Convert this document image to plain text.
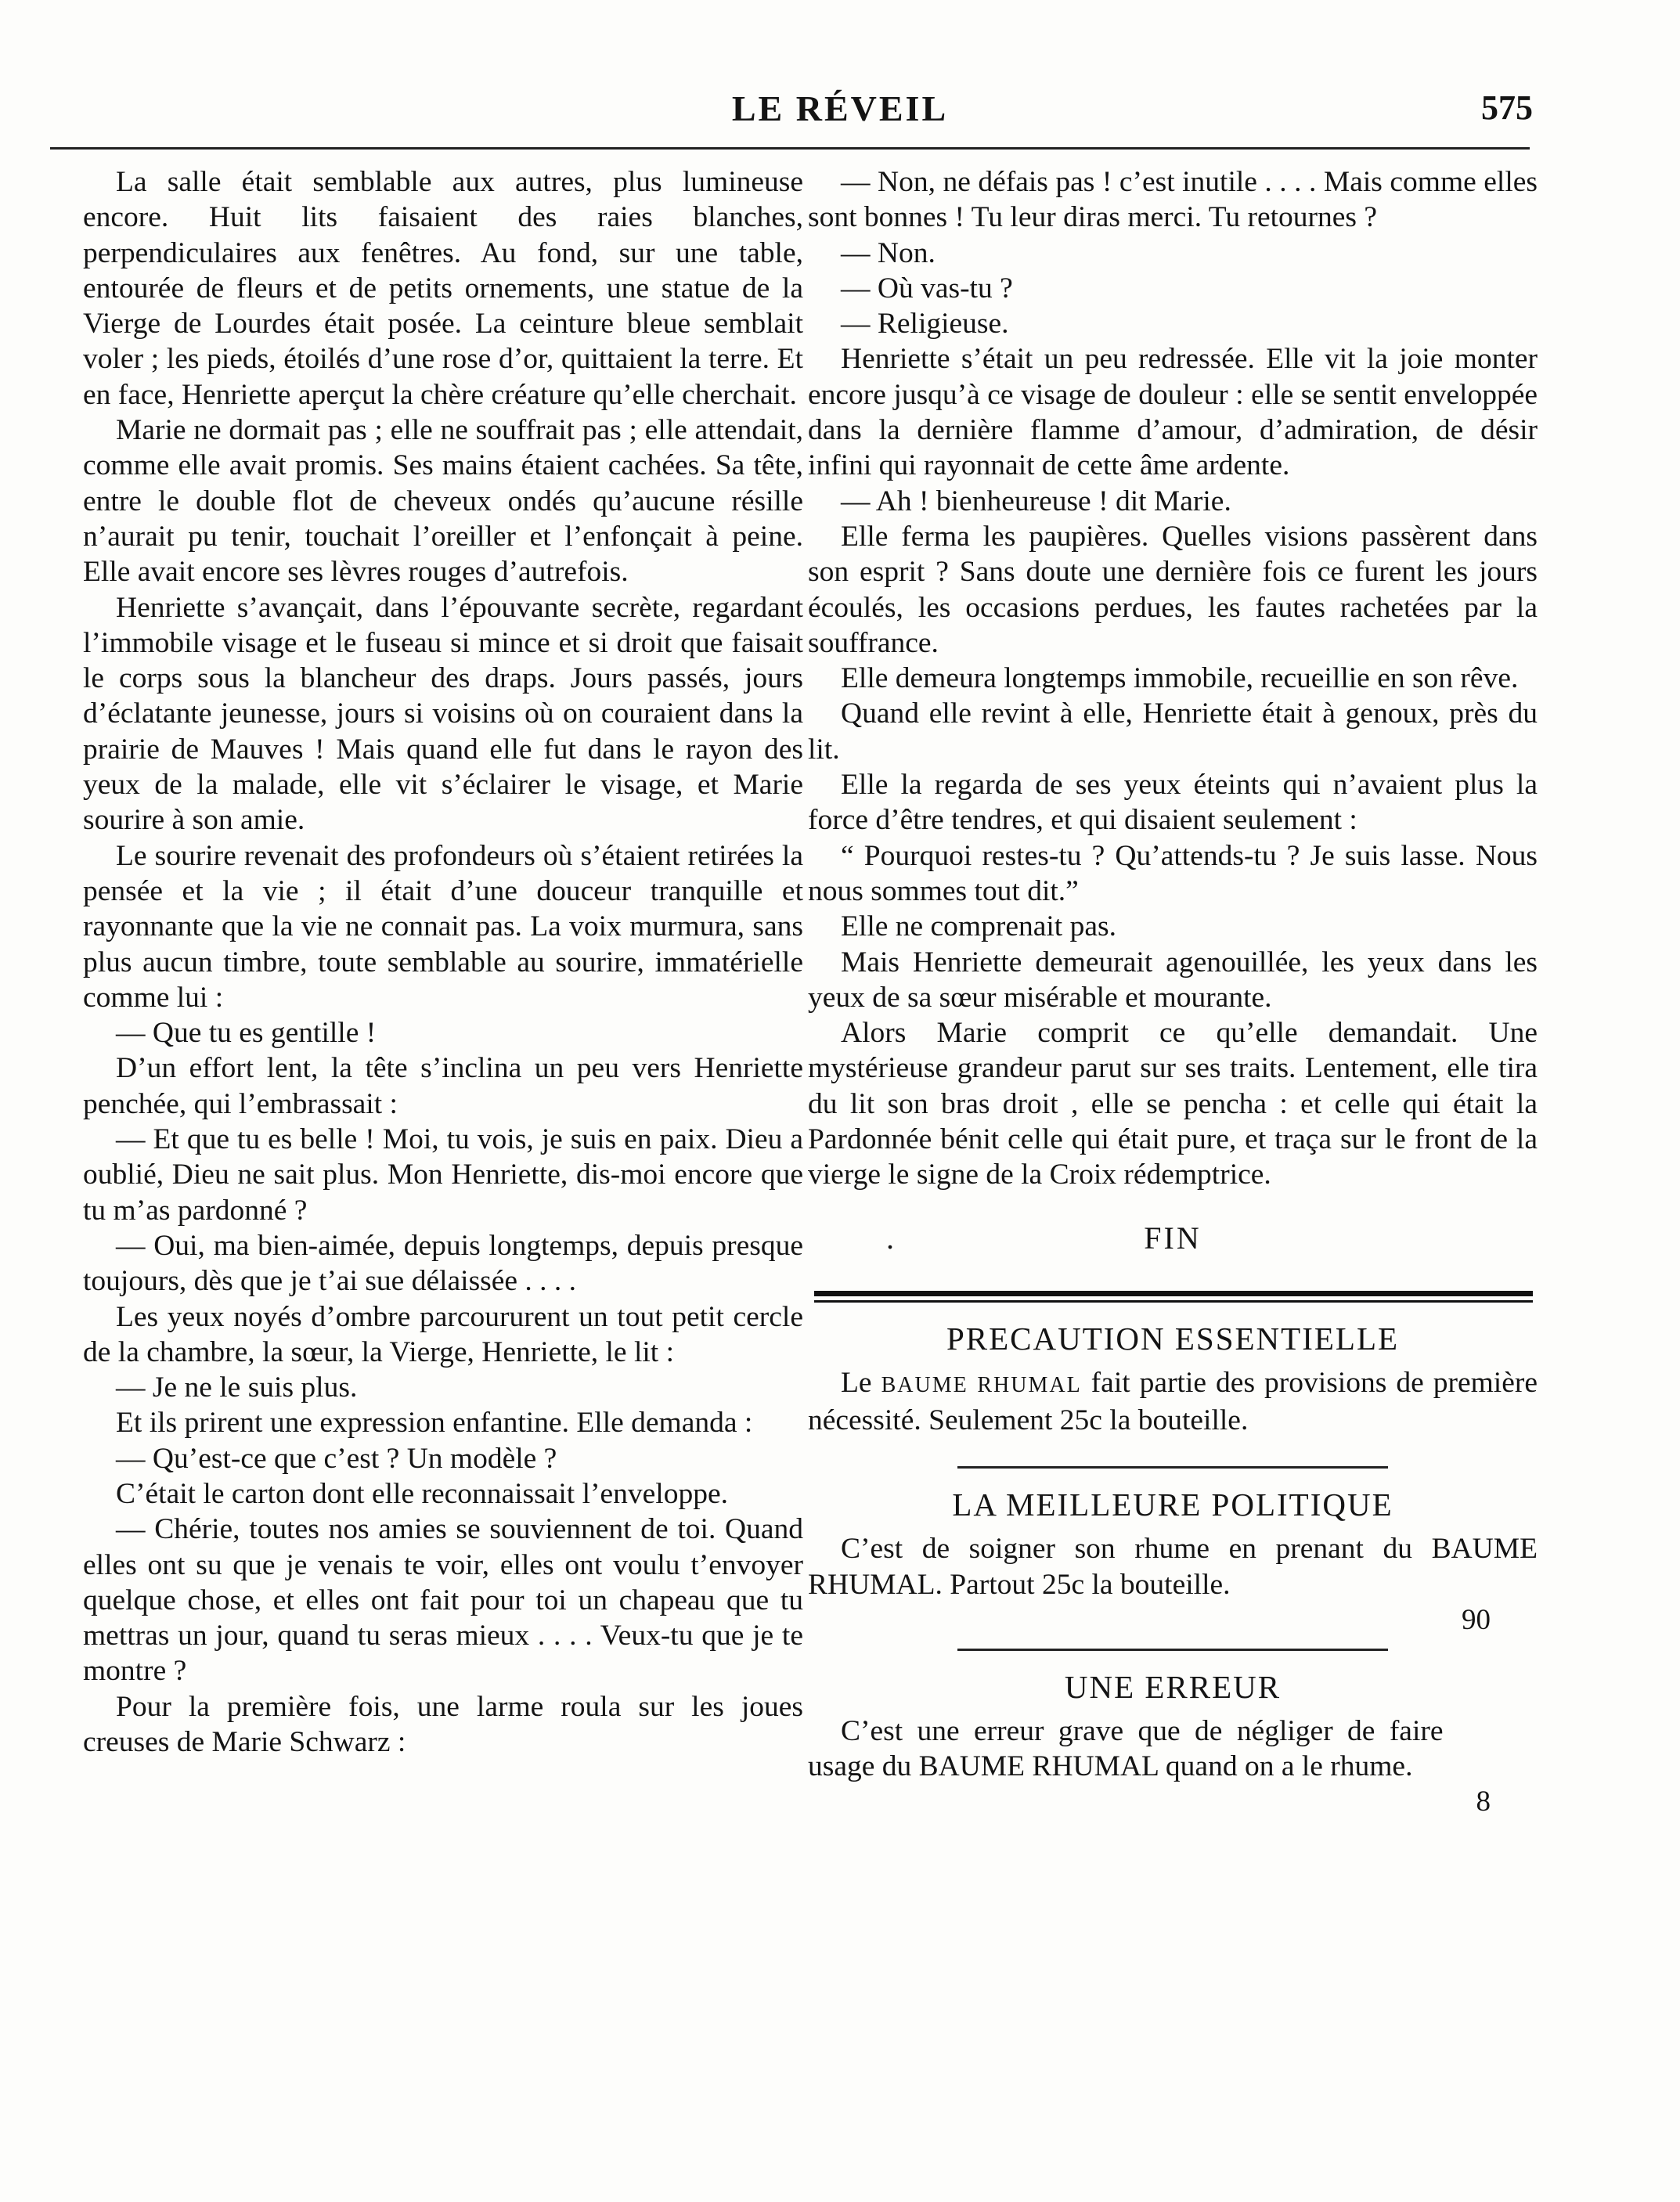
LE RÉVEIL	575

La salle était semblable aux autres, plus lumineuse encore. Huit lits faisaient des raies blanches, perpendiculaires aux fenêtres. Au fond, sur une table, entourée de fleurs et de petits ornements, une statue de la Vierge de Lourdes était posée. La ceinture bleue semblait voler ; les pieds, étoilés d’une rose d’or, quittaient la terre. Et en face, Henriette aperçut la chère créature qu’elle cherchait.

Marie ne dormait pas ; elle ne souffrait pas ; elle attendait, comme elle avait promis. Ses mains étaient cachées. Sa tête, entre le double flot de cheveux ondés qu’aucune résille n’aurait pu tenir, touchait l’oreiller et l’enfonçait à peine. Elle avait encore ses lèvres rouges d’autrefois.

Henriette s’avançait, dans l’épouvante secrète, regardant l’immobile visage et le fuseau si mince et si droit que faisait le corps sous la blancheur des draps. Jours passés, jours d’éclatante jeunesse, jours si voisins où on couraient dans la prairie de Mauves ! Mais quand elle fut dans le rayon des yeux de la malade, elle vit s’éclairer le visage, et Marie sourire à son amie.

Le sourire revenait des profondeurs où s’étaient retirées la pensée et la vie ; il était d’une douceur tranquille et rayonnante que la vie ne connait pas. La voix murmura, sans plus aucun timbre, toute semblable au sourire, immatérielle comme lui :

— Que tu es gentille !

D’un effort lent, la tête s’inclina un peu vers Henriette penchée, qui l’embrassait :

— Et que tu es belle ! Moi, tu vois, je suis en paix. Dieu a oublié, Dieu ne sait plus. Mon Henriette, dis-moi encore que tu m’as pardonné ?

— Oui, ma bien-aimée, depuis longtemps, depuis presque toujours, dès que je t’ai sue délaissée . . . .

Les yeux noyés d’ombre parcoururent un tout petit cercle de la chambre, la sœur, la Vierge, Henriette, le lit :

— Je ne le suis plus.

Et ils prirent une expression enfantine. Elle demanda :

— Qu’est-ce que c’est ? Un modèle ?

C’était le carton dont elle reconnaissait l’enveloppe.

— Chérie, toutes nos amies se souviennent de toi. Quand elles ont su que je venais te voir, elles ont voulu t’envoyer quelque chose, et elles ont fait pour toi un chapeau que tu mettras un jour, quand tu seras mieux . . . . Veux-tu que je te montre ?

Pour la première fois, une larme roula sur les joues creuses de Marie Schwarz :

— Non, ne défais pas ! c’est inutile . . . . Mais comme elles sont bonnes ! Tu leur diras merci. Tu retournes ?

— Non.

— Où vas-tu ?

— Religieuse.

Henriette s’était un peu redressée. Elle vit la joie monter encore jusqu’à ce visage de douleur : elle se sentit enveloppée dans la dernière flamme d’amour, d’admiration, de désir infini qui rayonnait de cette âme ardente.

— Ah ! bienheureuse ! dit Marie.

Elle ferma les paupières. Quelles visions passèrent dans son esprit ? Sans doute une dernière fois ce furent les jours écoulés, les occasions perdues, les fautes rachetées par la souffrance.

Elle demeura longtemps immobile, recueillie en son rêve.

Quand elle revint à elle, Henriette était à genoux, près du lit.

Elle la regarda de ses yeux éteints qui n’avaient plus la force d’être tendres, et qui disaient seulement :

“ Pourquoi restes-tu ? Qu’attends-tu ? Je suis lasse. Nous nous sommes tout dit.”

Elle ne comprenait pas.

Mais Henriette demeurait agenouillée, les yeux dans les yeux de sa sœur misérable et mourante.

Alors Marie comprit ce qu’elle demandait. Une mystérieuse grandeur parut sur ses traits. Lentement, elle tira du lit son bras droit , elle se pencha : et celle qui était la Pardonnée bénit celle qui était pure, et traça sur le front de la vierge le signe de la Croix rédemptrice.

.	FIN
PRECAUTION ESSENTIELLE

Le BAUME RHUMAL fait partie des provisions de première nécessité. Seulement 25c la bouteille.

LA MEILLEURE POLITIQUE

C’est de soigner son rhume en prenant du BAUME RHUMAL. Partout 25c la bouteille.

90
UNE ERREUR

8
C’est une erreur grave que de négliger de faire usage du BAUME RHUMAL quand on a le rhume.
